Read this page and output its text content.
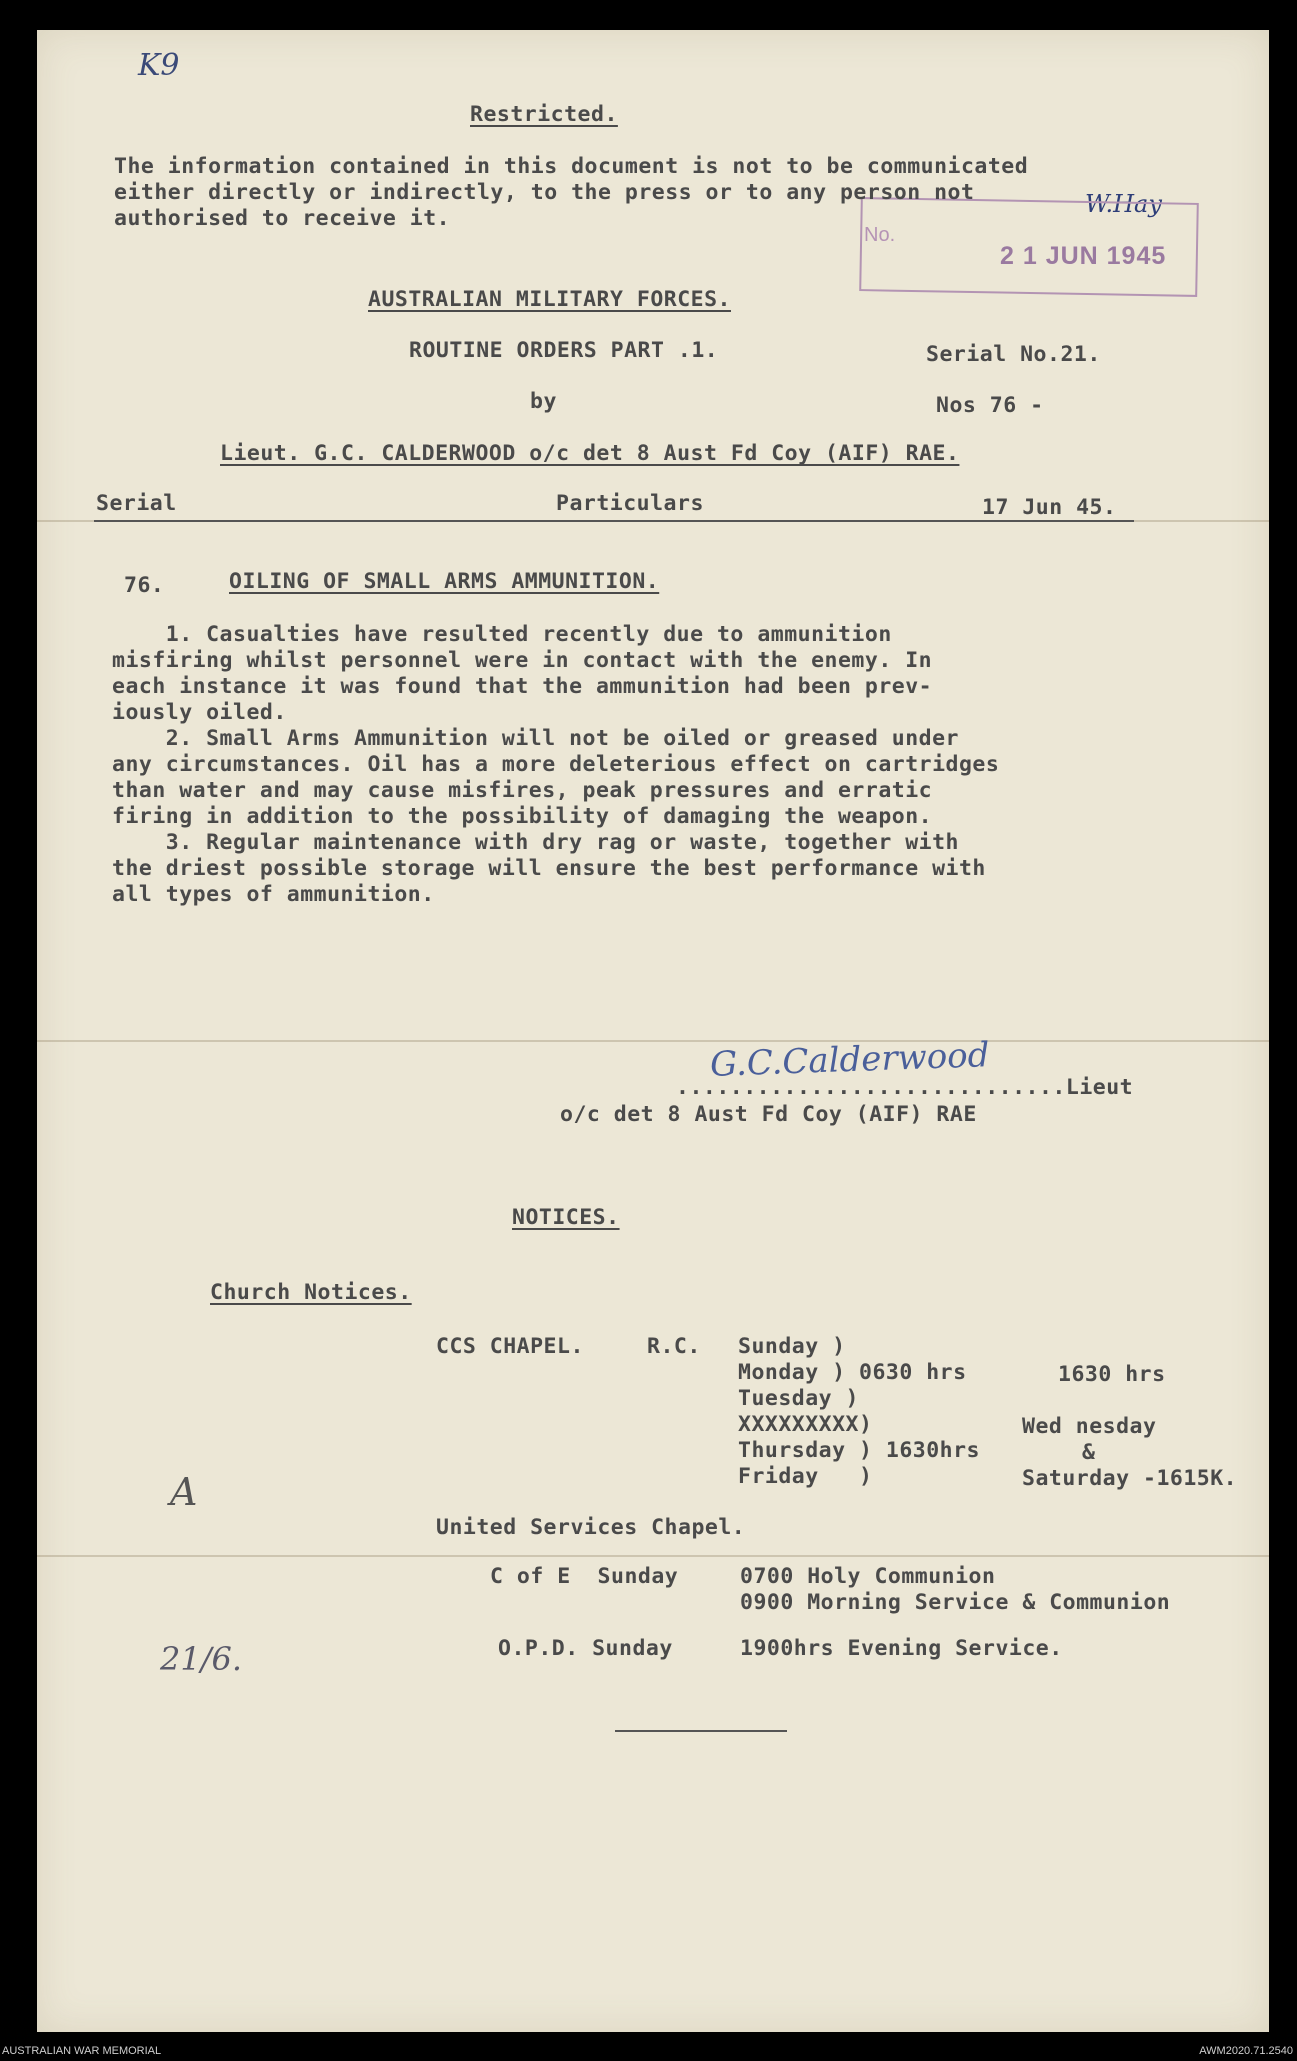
K9
W.Hay
G.C.Calderwood
A
21/6.
No.
2 1 JUN 1945
Restricted.
The information contained in this document is not to be communicated
either directly or indirectly, to the press or to any person not
authorised to receive it.
AUSTRALIAN MILITARY FORCES.
ROUTINE ORDERS PART .1.	Serial No.21.
by	Nos 76 -
Lieut. G.C. CALDERWOOD o/c det 8 Aust Fd Coy (AIF) RAE.
Serial	Particulars	17 Jun 45.
76.	OILING OF SMALL ARMS AMMUNITION.
1. Casualties have resulted recently due to ammunition
misfiring whilst personnel were in contact with the enemy. In
each instance it was found that the ammunition had been prev-
iously oiled.
2. Small Arms Ammunition will not be oiled or greased under
any circumstances. Oil has a more deleterious effect on cartridges
than water and may cause misfires, peak pressures and erratic
firing in addition to the possibility of damaging the weapon.
3. Regular maintenance with dry rag or waste, together with
the driest possible storage will ensure the best performance with
all types of ammunition.
.............................Lieut
o/c det 8 Aust Fd Coy (AIF) RAE
NOTICES.
Church Notices.
CCS CHAPEL.	R.C. Sunday )
Monday ) 0630 hrs	1630 hrs
Tuesday )
XXXXXXXXX)	Wed nesday
Thursday ) 1630hrs	&
Friday   )	Saturday -1615K.
United Services Chapel.
C of E  Sunday	0700 Holy Communion
0900 Morning Service & Communion
O.P.D. Sunday	1900hrs Evening Service.
AUSTRALIAN WAR MEMORIAL	AWM2020.71.2540
